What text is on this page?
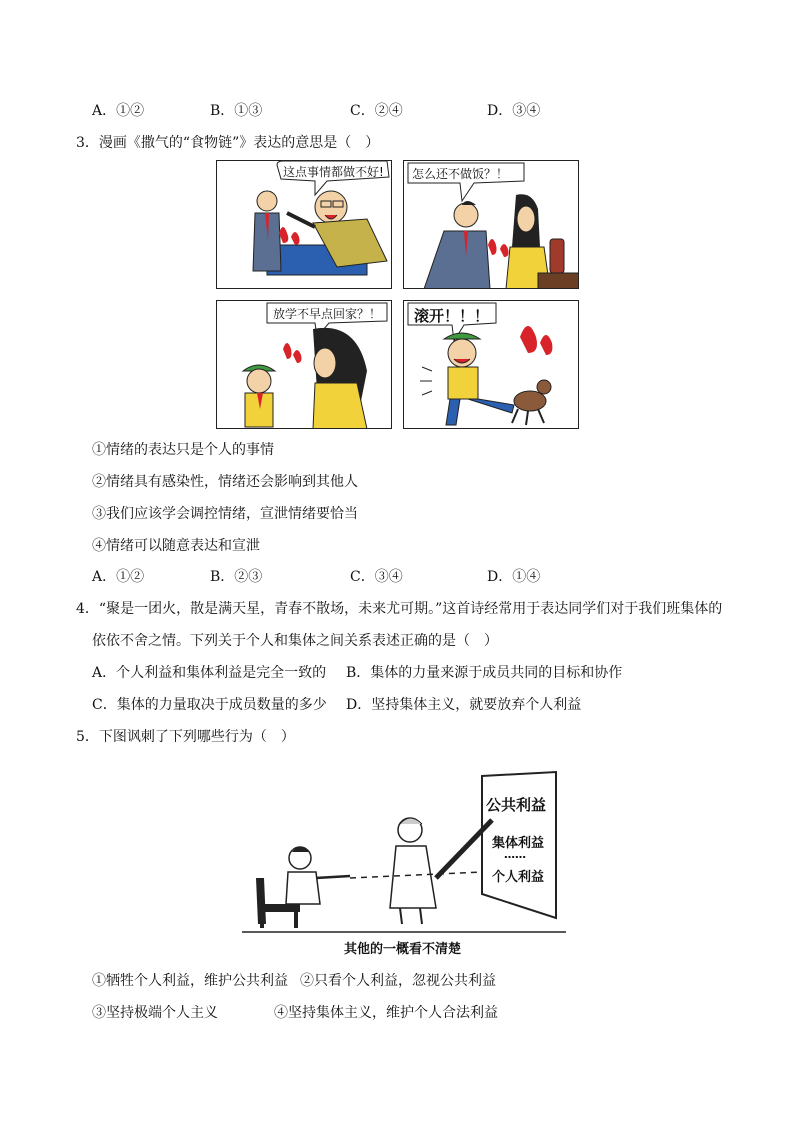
A．①②	B．①③	C．②④	D．③④
3．漫画《撒气的“食物链”》表达的意思是（　）
这点事情都做不好! 怎么还不做饭？！
放学不早点回家？！ 滚开！！！
①情绪的表达只是个人的事情
②情绪具有感染性，情绪还会影响到其他人
③我们应该学会调控情绪，宣泄情绪要恰当
④情绪可以随意表达和宣泄
A．①②	B．②③	C．③④	D．①④
4．“聚是一团火，散是满天星，青春不散场，未来尤可期。”这首诗经常用于表达同学们对于我们班集体的
依依不舍之情。下列关于个人和集体之间关系表述正确的是（　）
A．个人利益和集体利益是完全一致的 B．集体的力量来源于成员共同的目标和协作
C．集体的力量取决于成员数量的多少 D．坚持集体主义，就要放弃个人利益
5．下图讽刺了下列哪些行为（　）
公共利益
集体利益
……
个人利益
其他的一概看不清楚
①牺牲个人利益，维护公共利益 ②只看个人利益，忽视公共利益
③坚持极端个人主义	④坚持集体主义，维护个人合法利益
